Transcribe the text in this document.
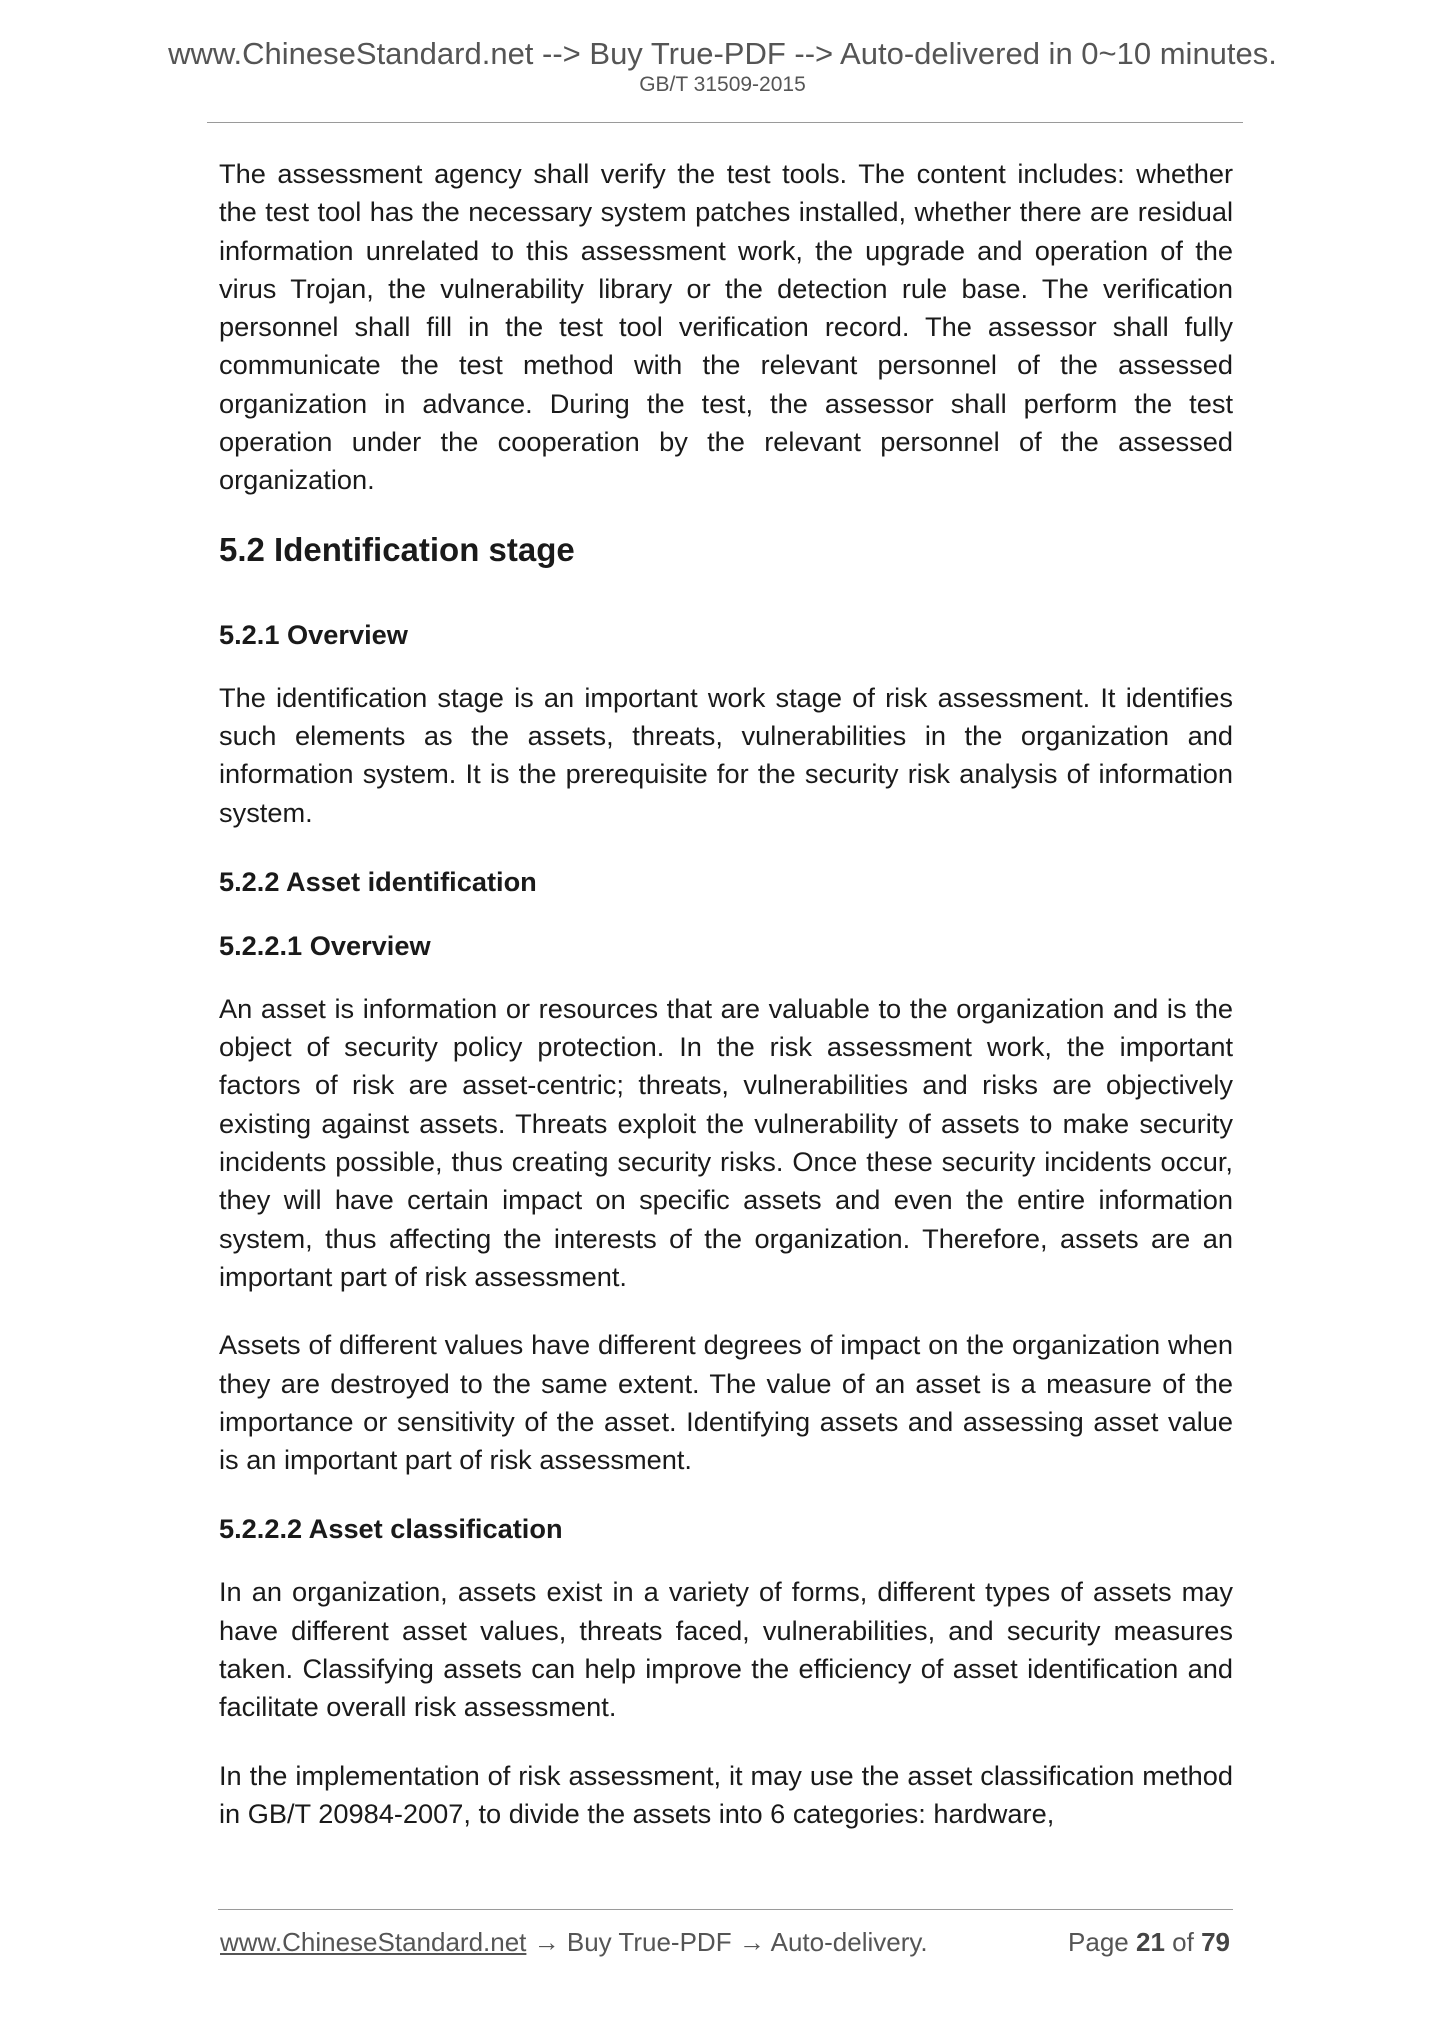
www.ChineseStandard.net --> Buy True-PDF --> Auto-delivered in 0~10 minutes.
GB/T 31509-2015

The assessment agency shall verify the test tools. The content includes: whether the test tool has the necessary system patches installed, whether there are residual information unrelated to this assessment work, the upgrade and operation of the virus Trojan, the vulnerability library or the detection rule base. The verification personnel shall fill in the test tool verification record. The assessor shall fully communicate the test method with the relevant personnel of the assessed organization in advance. During the test, the assessor shall perform the test operation under the cooperation by the relevant personnel of the assessed organization.

5.2 Identification stage
5.2.1 Overview

The identification stage is an important work stage of risk assessment. It identifies such elements as the assets, threats, vulnerabilities in the organization and information system. It is the prerequisite for the security risk analysis of information system.

5.2.2 Asset identification
5.2.2.1 Overview

An asset is information or resources that are valuable to the organization and is the object of security policy protection. In the risk assessment work, the important factors of risk are asset-centric; threats, vulnerabilities and risks are objectively existing against assets. Threats exploit the vulnerability of assets to make security incidents possible, thus creating security risks. Once these security incidents occur, they will have certain impact on specific assets and even the entire information system, thus affecting the interests of the organization. Therefore, assets are an important part of risk assessment.

Assets of different values have different degrees of impact on the organization when they are destroyed to the same extent. The value of an asset is a measure of the importance or sensitivity of the asset. Identifying assets and assessing asset value is an important part of risk assessment.

5.2.2.2 Asset classification

In an organization, assets exist in a variety of forms, different types of assets may have different asset values, threats faced, vulnerabilities, and security measures taken. Classifying assets can help improve the efficiency of asset identification and facilitate overall risk assessment.

In the implementation of risk assessment, it may use the asset classification method in GB/T 20984-2007, to divide the assets into 6 categories: hardware,

www.ChineseStandard.net → Buy True-PDF → Auto-delivery.	Page 21 of 79
